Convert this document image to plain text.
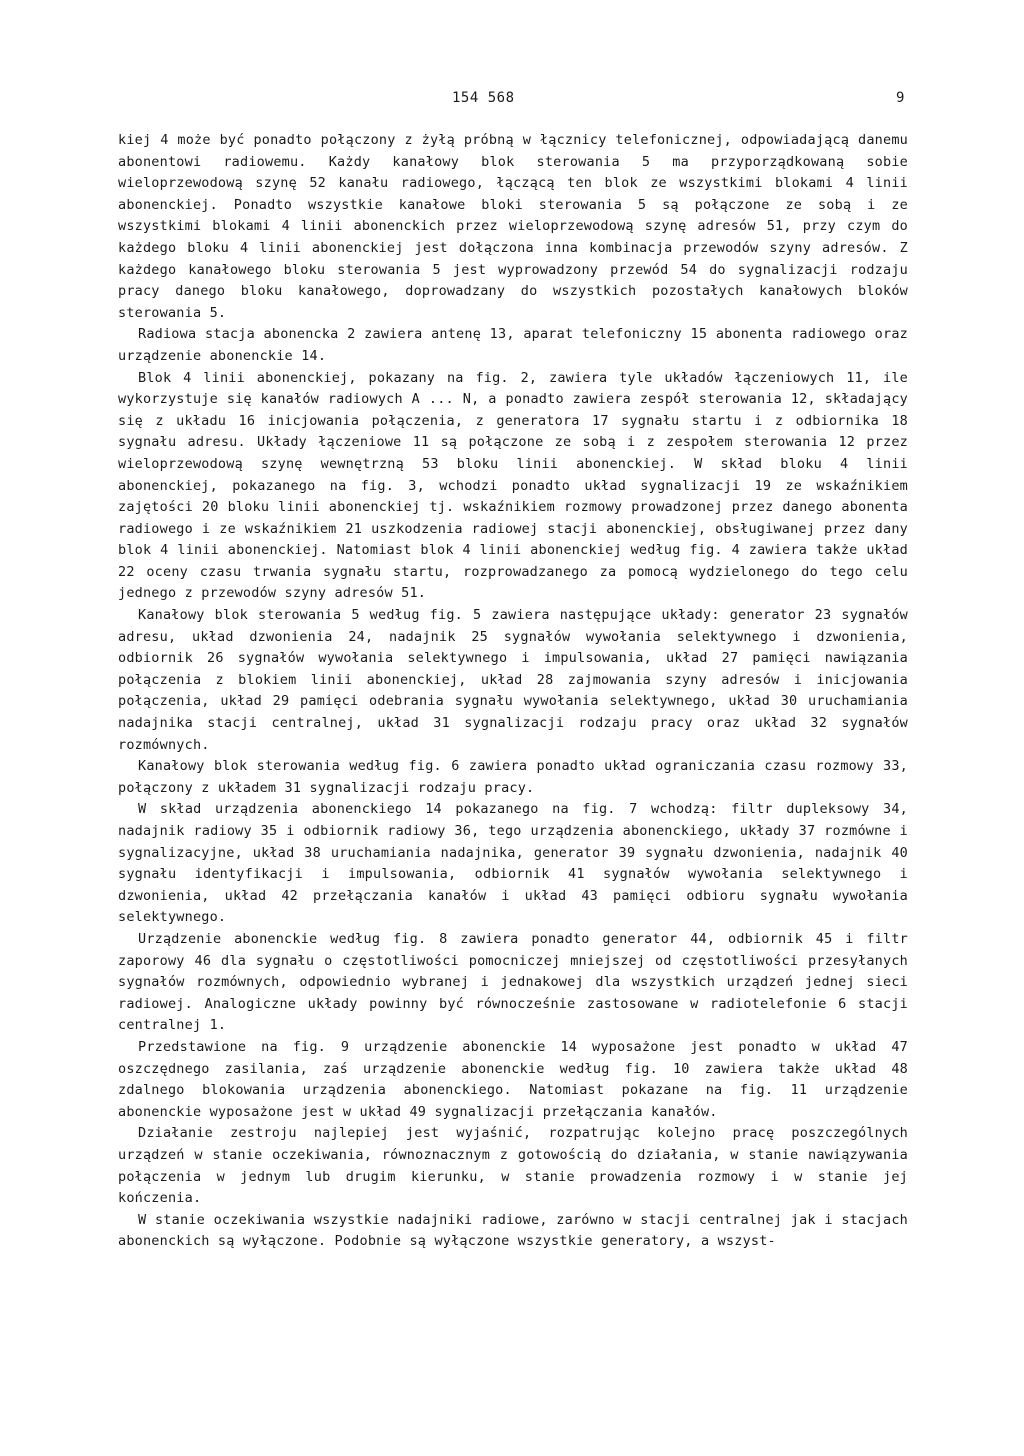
154 568	9

kiej 4 może być ponadto połączony z żyłą próbną w łącznicy telefonicznej, odpowiadającą danemu abonentowi radiowemu. Każdy kanałowy blok sterowania 5 ma przyporządkowaną sobie wieloprzewodową szynę 52 kanału radiowego, łączącą ten blok ze wszystkimi blokami 4 linii abonenckiej. Ponadto wszystkie kanałowe bloki sterowania 5 są połączone ze sobą i ze wszystkimi blokami 4 linii abonenckich przez wieloprzewodową szynę adresów 51, przy czym do każdego bloku 4 linii abonenckiej jest dołączona inna kombinacja przewodów szyny adresów. Z każdego kanałowego bloku sterowania 5 jest wyprowadzony przewód 54 do sygnalizacji rodzaju pracy danego bloku kanałowego, doprowadzany do wszystkich pozostałych kanałowych bloków sterowania 5.

Radiowa stacja abonencka 2 zawiera antenę 13, aparat telefoniczny 15 abonenta radiowego oraz urządzenie abonenckie 14.

Blok 4 linii abonenckiej, pokazany na fig. 2, zawiera tyle układów łączeniowych 11, ile wykorzystuje się kanałów radiowych A ... N, a ponadto zawiera zespół sterowania 12, składający się z układu 16 inicjowania połączenia, z generatora 17 sygnału startu i z odbiornika 18 sygnału adresu. Układy łączeniowe 11 są połączone ze sobą i z zespołem sterowania 12 przez wieloprzewodową szynę wewnętrzną 53 bloku linii abonenckiej. W skład bloku 4 linii abonenckiej, pokazanego na fig. 3, wchodzi ponadto układ sygnalizacji 19 ze wskaźnikiem zajętości 20 bloku linii abonenckiej tj. wskaźnikiem rozmowy prowadzonej przez danego abonenta radiowego i ze wskaźnikiem 21 uszkodzenia radiowej stacji abonenckiej, obsługiwanej przez dany blok 4 linii abonenckiej. Natomiast blok 4 linii abonenckiej według fig. 4 zawiera także układ 22 oceny czasu trwania sygnału startu, rozprowadzanego za pomocą wydzielonego do tego celu jednego z przewodów szyny adresów 51.

Kanałowy blok sterowania 5 według fig. 5 zawiera następujące układy: generator 23 sygnałów adresu, układ dzwonienia 24, nadajnik 25 sygnałów wywołania selektywnego i dzwonienia, odbiornik 26 sygnałów wywołania selektywnego i impulsowania, układ 27 pamięci nawiązania połączenia z blokiem linii abonenckiej, układ 28 zajmowania szyny adresów i inicjowania połączenia, układ 29 pamięci odebrania sygnału wywołania selektywnego, układ 30 uruchamiania nadajnika stacji centralnej, układ 31 sygnalizacji rodzaju pracy oraz układ 32 sygnałów rozmównych.

Kanałowy blok sterowania według fig. 6 zawiera ponadto układ ograniczania czasu rozmowy 33, połączony z układem 31 sygnalizacji rodzaju pracy.

W skład urządzenia abonenckiego 14 pokazanego na fig. 7 wchodzą: filtr dupleksowy 34, nadajnik radiowy 35 i odbiornik radiowy 36, tego urządzenia abonenckiego, układy 37 rozmówne i sygnalizacyjne, układ 38 uruchamiania nadajnika, generator 39 sygnału dzwonienia, nadajnik 40 sygnału identyfikacji i impulsowania, odbiornik 41 sygnałów wywołania selektywnego i dzwonienia, układ 42 przełączania kanałów i układ 43 pamięci odbioru sygnału wywołania selektywnego.

Urządzenie abonenckie według fig. 8 zawiera ponadto generator 44, odbiornik 45 i filtr zaporowy 46 dla sygnału o częstotliwości pomocniczej mniejszej od częstotliwości przesyłanych sygnałów rozmównych, odpowiednio wybranej i jednakowej dla wszystkich urządzeń jednej sieci radiowej. Analogiczne układy powinny być równocześnie zastosowane w radiotelefonie 6 stacji centralnej 1.

Przedstawione na fig. 9 urządzenie abonenckie 14 wyposażone jest ponadto w układ 47 oszczędnego zasilania, zaś urządzenie abonenckie według fig. 10 zawiera także układ 48 zdalnego blokowania urządzenia abonenckiego. Natomiast pokazane na fig. 11 urządzenie abonenckie wyposażone jest w układ 49 sygnalizacji przełączania kanałów.

Działanie zestroju najlepiej jest wyjaśnić, rozpatrując kolejno pracę poszczególnych urządzeń w stanie oczekiwania, równoznacznym z gotowością do działania, w stanie nawiązywania połączenia w jednym lub drugim kierunku, w stanie prowadzenia rozmowy i w stanie jej kończenia.

W stanie oczekiwania wszystkie nadajniki radiowe, zarówno w stacji centralnej jak i stacjach abonenckich są wyłączone. Podobnie są wyłączone wszystkie generatory, a wszyst-
